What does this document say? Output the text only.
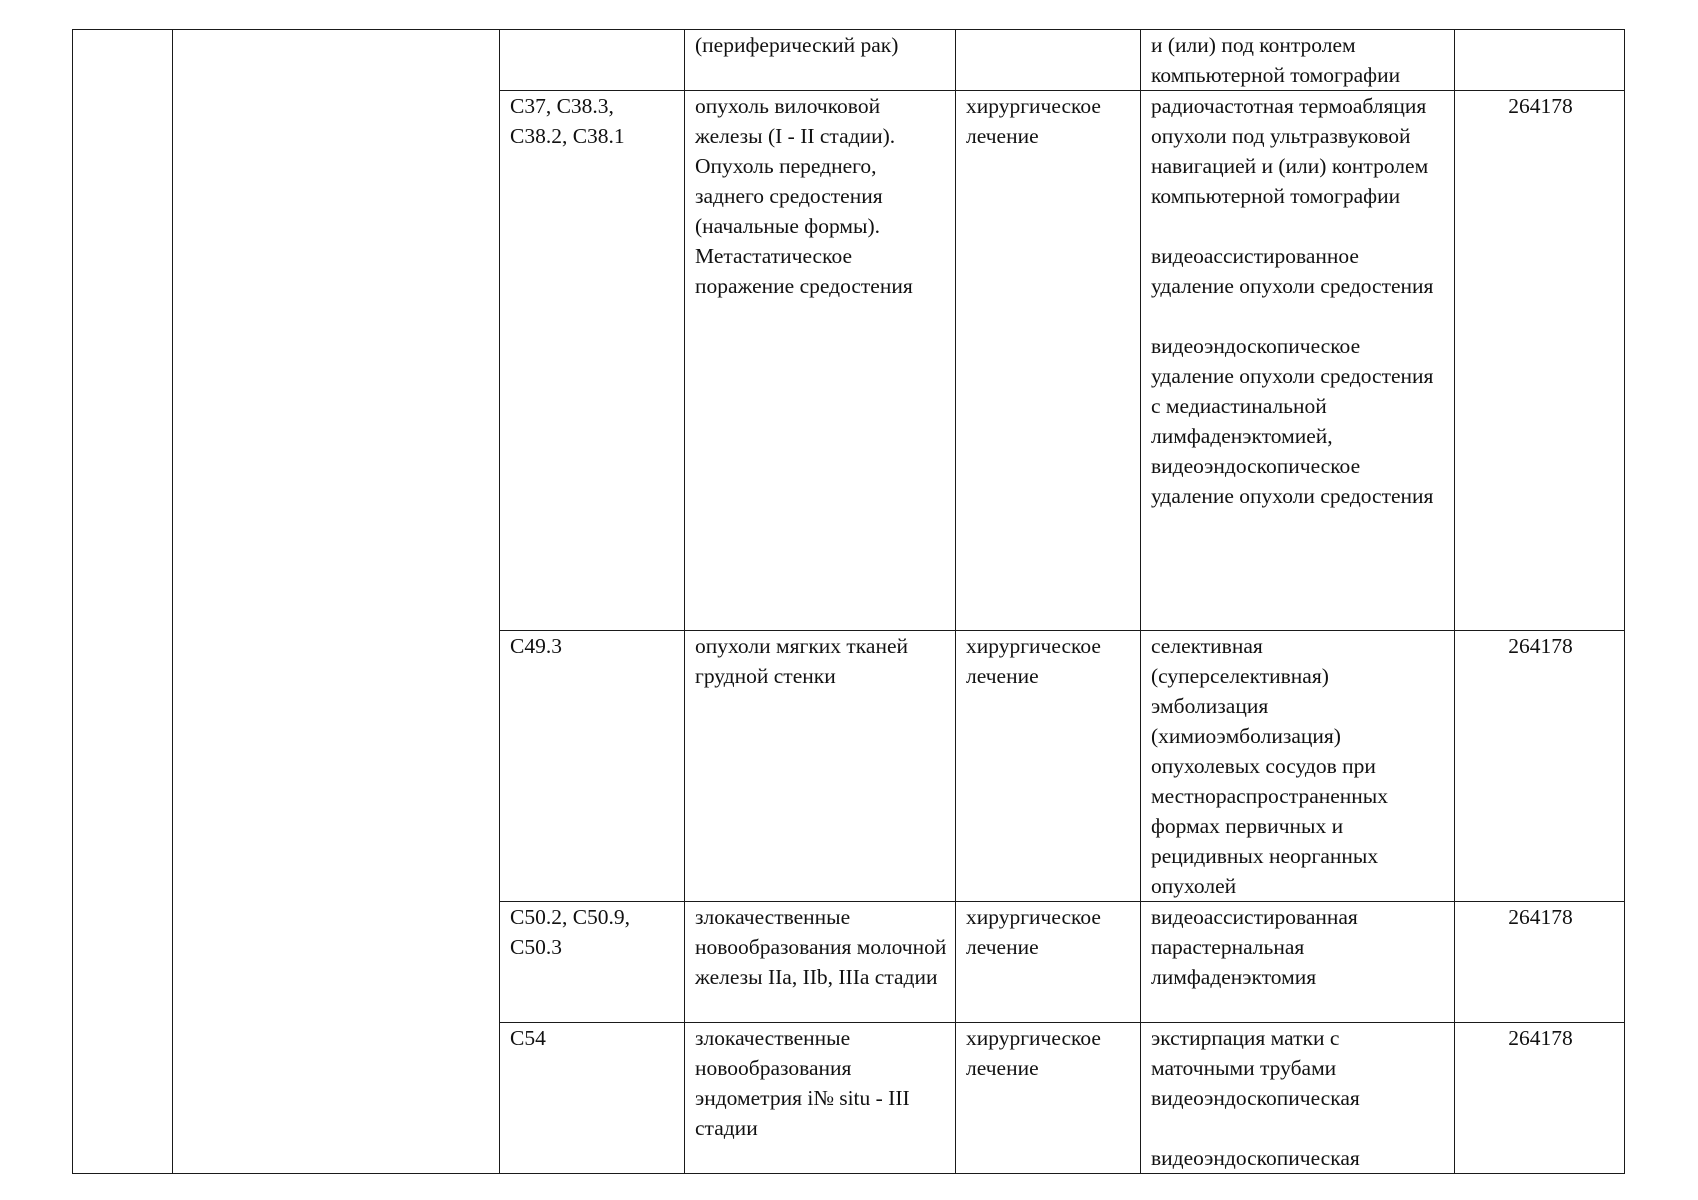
			(периферический рак)		и (или) под контролем компьютерной томографии	

		C37, C38.3, C38.2, C38.1	опухоль вилочковой железы (I - II стадии). Опухоль переднего, заднего средостения (начальные формы). Метастатическое поражение средостения	хирургическое лечение	радиочастотная термоабляция опухоли под ультразвуковой навигацией и (или) контролем компьютерной томографии
видеоассистированное удаление опухоли средостения
видеоэндоскопическое удаление опухоли средостения с медиастинальной лимфаденэктомией, видеоэндоскопическое удаление опухоли средостения	264178

		C49.3	опухоли мягких тканей грудной стенки	хирургическое лечение	селективная (суперселективная) эмболизация (химиоэмболизация) опухолевых сосудов при местнораспространенных формах первичных и рецидивных неорганных опухолей	264178

		C50.2, C50.9, C50.3	злокачественные новообразования молочной железы IIa, IIb, IIIa стадии	хирургическое лечение	видеоассистированная парастернальная лимфаденэктомия	264178

		C54	злокачественные новообразования эндометрия i№ situ - III стадии	хирургическое лечение	экстирпация матки с маточными трубами видеоэндоскопическая
видеоэндоскопическая	264178
